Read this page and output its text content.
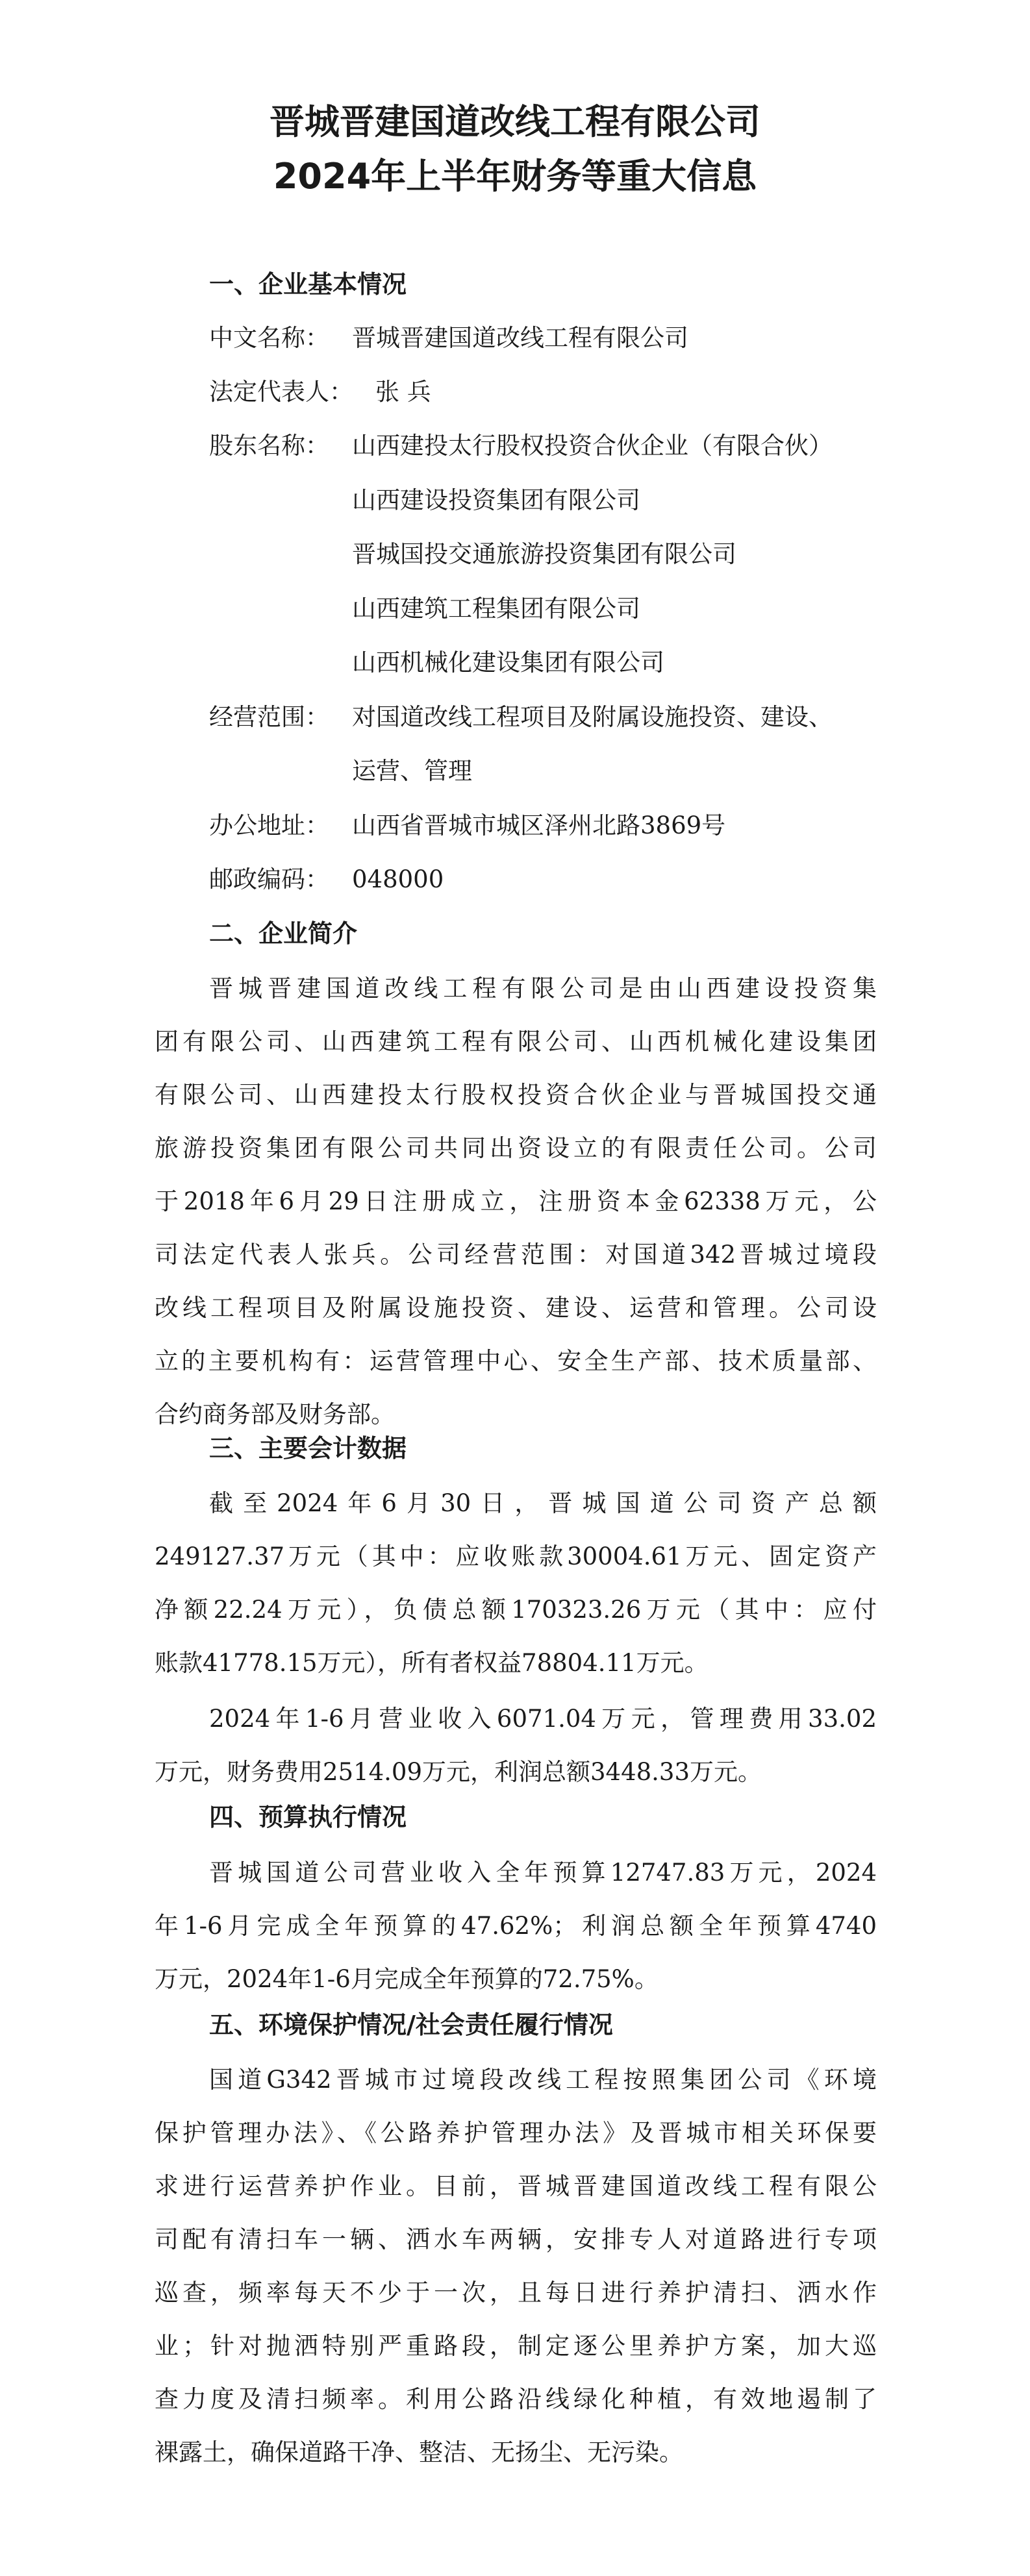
晋城晋建国道改线工程有限公司
2024年上半年财务等重大信息
一、企业基本情况
中文名称： 晋城晋建国道改线工程有限公司
法定代表人： 张 兵
股东名称： 山西建投太行股权投资合伙企业（有限合伙）
山西建设投资集团有限公司
晋城国投交通旅游投资集团有限公司
山西建筑工程集团有限公司
山西机械化建设集团有限公司
经营范围： 对国道改线工程项目及附属设施投资、建设、
运营、管理
办公地址： 山西省晋城市城区泽州北路3869号
邮政编码： 048000
二、企业简介
晋城晋建国道改线工程有限公司是由山西建设投资集
团有限公司、山西建筑工程有限公司、山西机械化建设集团
有限公司、山西建投太行股权投资合伙企业与晋城国投交通
旅游投资集团有限公司共同出资设立的有限责任公司。公司
于2018年6月29日注册成立，注册资本金62338万元，公
司法定代表人张兵。公司经营范围：对国道342晋城过境段
改线工程项目及附属设施投资、建设、运营和管理。公司设
立的主要机构有：运营管理中心、安全生产部、技术质量部、
合约商务部及财务部。
三、主要会计数据
截至2024年6月30日，晋城国道公司资产总额
249127.37万元（其中：应收账款30004.61万元、固定资产
净额22.24万元），负债总额170323.26万元（其中：应付
账款41778.15万元），所有者权益78804.11万元。
2024年1-6月营业收入6071.04万元，管理费用33.02
万元，财务费用2514.09万元，利润总额3448.33万元。
四、预算执行情况
晋城国道公司营业收入全年预算12747.83万元，2024
年1-6月完成全年预算的47.62%；利润总额全年预算4740
万元，2024年1-6月完成全年预算的72.75%。
五、环境保护情况/社会责任履行情况
国道G342晋城市过境段改线工程按照集团公司《环境
保护管理办法》、《公路养护管理办法》及晋城市相关环保要
求进行运营养护作业。目前，晋城晋建国道改线工程有限公
司配有清扫车一辆、洒水车两辆，安排专人对道路进行专项
巡查，频率每天不少于一次，且每日进行养护清扫、洒水作
业；针对抛洒特别严重路段，制定逐公里养护方案，加大巡
查力度及清扫频率。利用公路沿线绿化种植，有效地遏制了
裸露土，确保道路干净、整洁、无扬尘、无污染。
